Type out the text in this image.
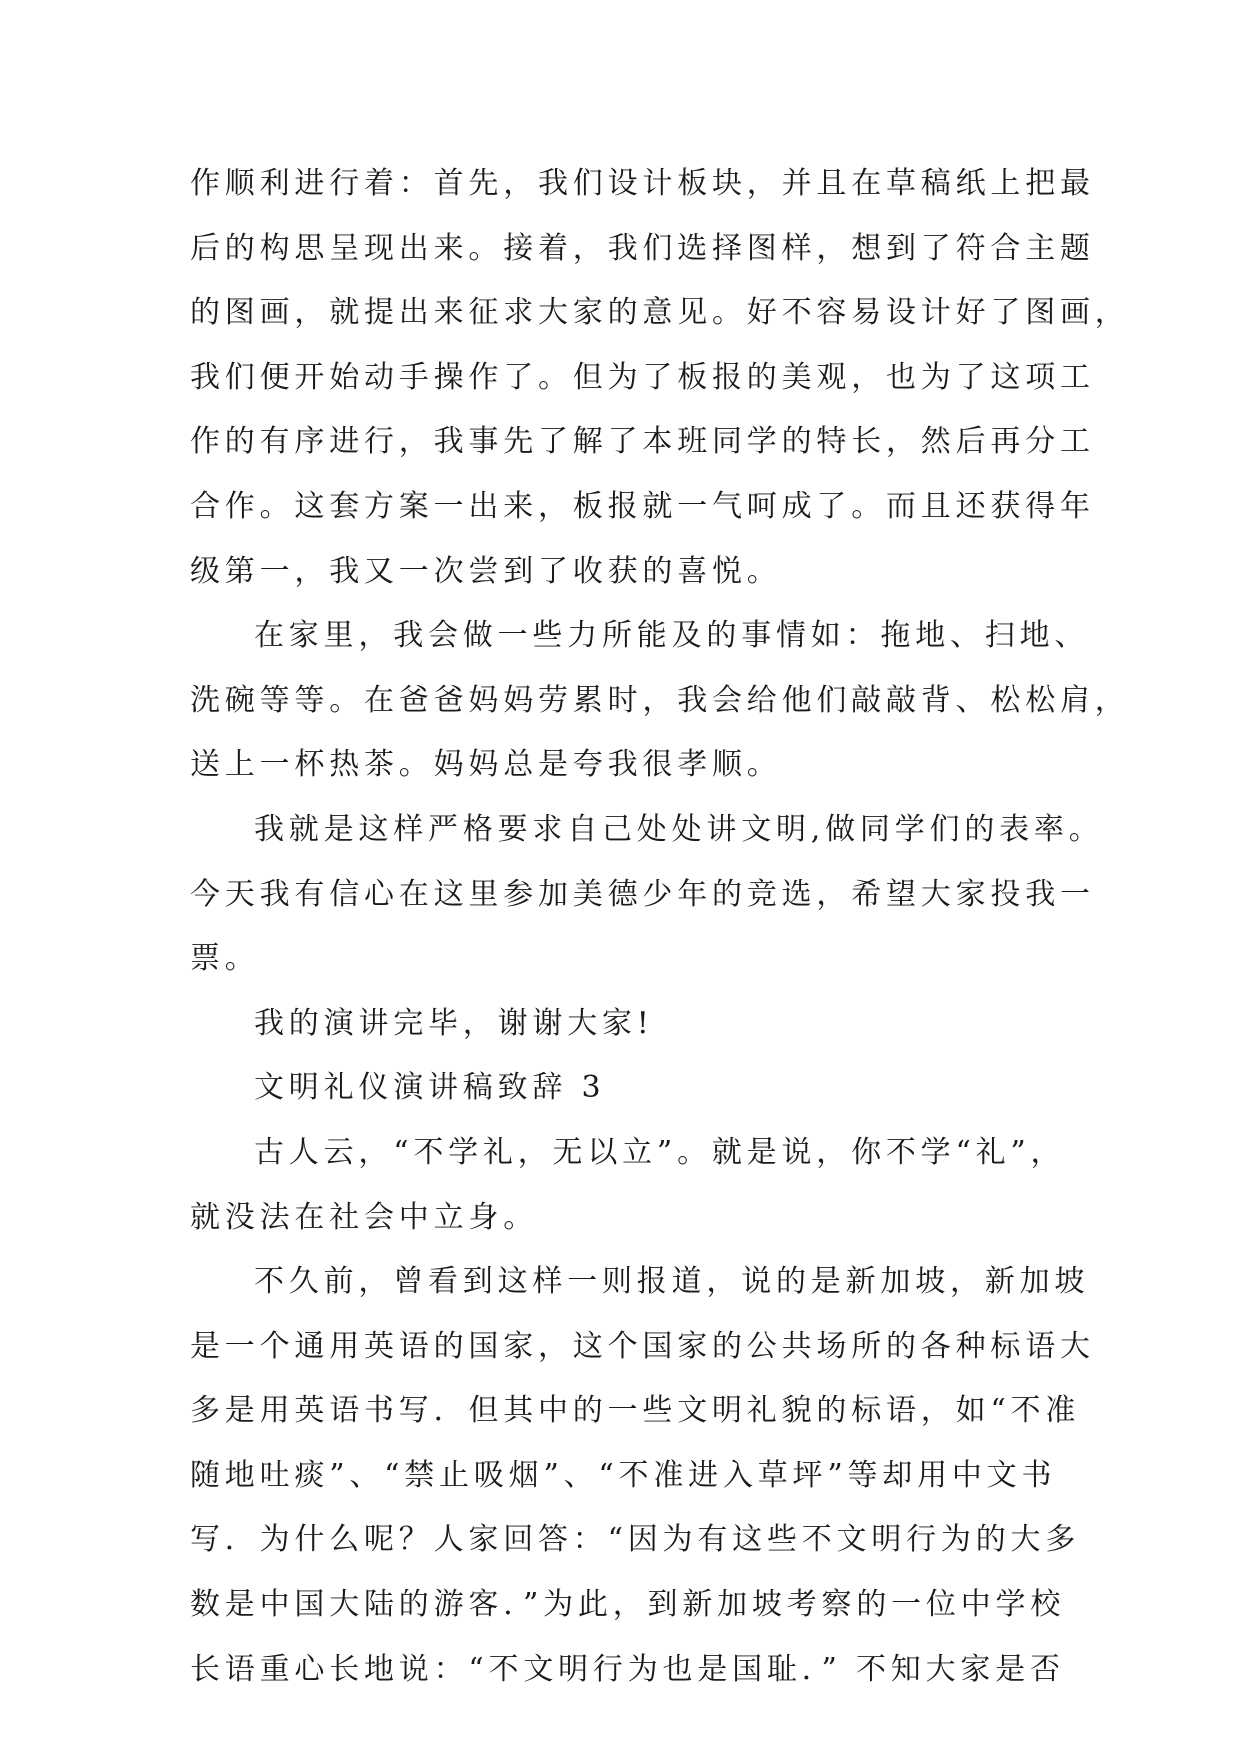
作顺利进行着：首先，我们设计板块，并且在草稿纸上把最
后的构思呈现出来。接着，我们选择图样，想到了符合主题
的图画，就提出来征求大家的意见。好不容易设计好了图画，
我们便开始动手操作了。但为了板报的美观，也为了这项工
作的有序进行，我事先了解了本班同学的特长，然后再分工
合作。这套方案一出来，板报就一气呵成了。而且还获得年
级第一，我又一次尝到了收获的喜悦。
在家里，我会做一些力所能及的事情如：拖地、扫地、
洗碗等等。在爸爸妈妈劳累时，我会给他们敲敲背、松松肩，
送上一杯热茶。妈妈总是夸我很孝顺。
我就是这样严格要求自己处处讲文明,做同学们的表率。
今天我有信心在这里参加美德少年的竞选，希望大家投我一
票。
我的演讲完毕，谢谢大家!
文明礼仪演讲稿致辞 3
古人云，“不学礼，无以立”。就是说，你不学“礼”，
就没法在社会中立身。
不久前，曾看到这样一则报道，说的是新加坡，新加坡
是一个通用英语的国家，这个国家的公共场所的各种标语大
多是用英语书写．但其中的一些文明礼貌的标语，如“不准
随地吐痰”、“禁止吸烟”、“不准进入草坪”等却用中文书
写．为什么呢？人家回答：“因为有这些不文明行为的大多
数是中国大陆的游客．”为此，到新加坡考察的一位中学校
长语重心长地说：“不文明行为也是国耻．” 不知大家是否
